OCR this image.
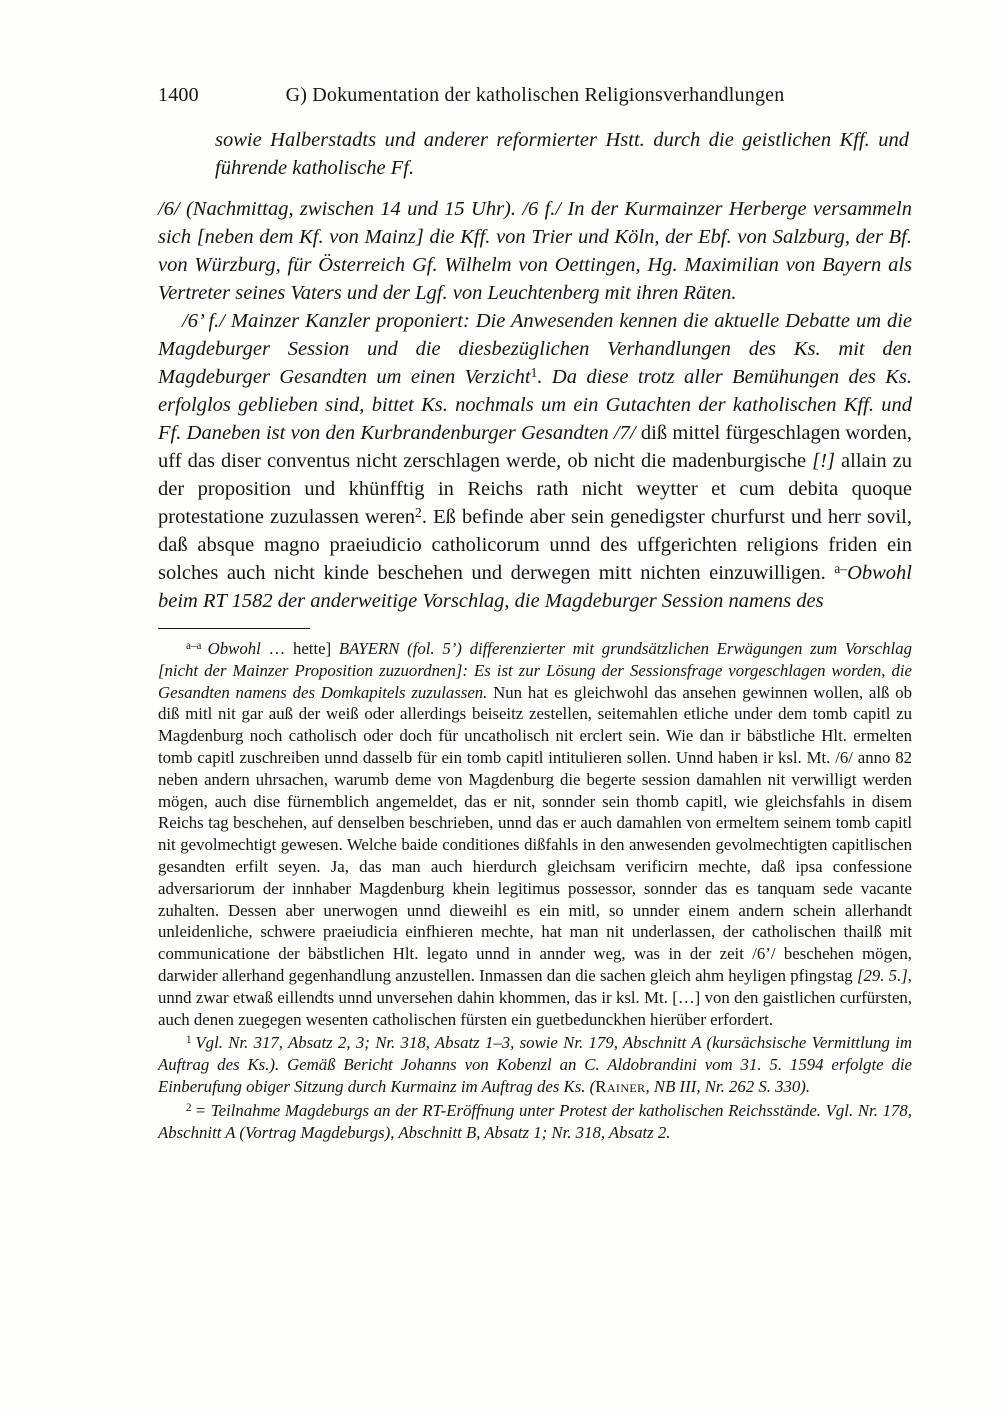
1400	G) Dokumentation der katholischen Religionsverhandlungen

sowie Halberstadts und anderer reformierter Hstt. durch die geistlichen Kff. und führende katholische Ff.

/6/ (Nachmittag, zwischen 14 und 15 Uhr). /6 f./ In der Kurmainzer Herberge versammeln sich [neben dem Kf. von Mainz] die Kff. von Trier und Köln, der Ebf. von Salzburg, der Bf. von Würzburg, für Österreich Gf. Wilhelm von Oettingen, Hg. Maximilian von Bayern als Vertreter seines Vaters und der Lgf. von Leuchtenberg mit ihren Räten.

/6’ f./ Mainzer Kanzler proponiert: Die Anwesenden kennen die aktuelle Debatte um die Magdeburger Session und die diesbezüglichen Verhandlungen des Ks. mit den Magdeburger Gesandten um einen Verzicht$^1$. Da diese trotz aller Bemühungen des Ks. erfolglos geblieben sind, bittet Ks. nochmals um ein Gutachten der katholischen Kff. und Ff. Daneben ist von den Kurbrandenburger Gesandten /7/ diß mittel fürgeschlagen worden, uff das diser conventus nicht zerschlagen werde, ob nicht die madenburgische [!] allain zu der proposition und khünfftig in Reichs rath nicht weytter et cum debita quoque protestatione zuzulassen weren$^2$. Eß befinde aber sein genedigster churfurst und herr sovil, daß absque magno praeiudicio catholicorum unnd des uffgerichten religions friden ein solches auch nicht kinde beschehen und derwegen mitt nichten einzuwilligen. $^{a-}$Obwohl beim RT 1582 der anderweitige Vorschlag, die Magdeburger Session namens des

$^{a-a}$ Obwohl … hette] BAYERN (fol. 5’) differenzierter mit grundsätzlichen Erwägungen zum Vorschlag [nicht der Mainzer Proposition zuzuordnen]: Es ist zur Lösung der Sessionsfrage vorgeschlagen worden, die Gesandten namens des Domkapitels zuzulassen. Nun hat es gleichwohl das ansehen gewinnen wollen, alß ob diß mitl nit gar auß der weiß oder allerdings beiseitz zestellen, seitemahlen etliche under dem tomb capitl zu Magdenburg noch catholisch oder doch für uncatholisch nit erclert sein. Wie dan ir bäbstliche Hlt. ermelten tomb capitl zuschreiben unnd dasselb für ein tomb capitl intitulieren sollen. Unnd haben ir ksl. Mt. /6/ anno 82 neben andern uhrsachen, warumb deme von Magdenburg die begerte session damahlen nit verwilligt werden mögen, auch dise fürnemblich angemeldet, das er nit, sonnder sein thomb capitl, wie gleichsfahls in disem Reichs tag beschehen, auf denselben beschrieben, unnd das er auch damahlen von ermeltem seinem tomb capitl nit gevolmechtigt gewesen. Welche baide conditiones dißfahls in den anwesenden gevolmechtigten capitlischen gesandten erfilt seyen. Ja, das man auch hierdurch gleichsam verificirn mechte, daß ipsa confessione adversariorum der innhaber Magdenburg khein legitimus possessor, sonnder das es tanquam sede vacante zuhalten. Dessen aber unerwogen unnd dieweihl es ein mitl, so unnder einem andern schein allerhandt unleidenliche, schwere praeiudicia einfhieren mechte, hat man nit underlassen, der catholischen thailß mit communicatione der bäbstlichen Hlt. legato unnd in annder weg, was in der zeit /6’/ beschehen mögen, darwider allerhand gegenhandlung anzustellen. Inmassen dan die sachen gleich ahm heyligen pfingstag [29. 5.], unnd zwar etwaß eillendts unnd unversehen dahin khommen, das ir ksl. Mt. […] von den gaistlichen curfürsten, auch denen zuegegen wesenten catholischen fürsten ein guetbedunckhen hierüber erfordert.

$^1$ Vgl. Nr. 317, Absatz 2, 3; Nr. 318, Absatz 1–3, sowie Nr. 179, Abschnitt A (kursächsische Vermittlung im Auftrag des Ks.). Gemäß Bericht Johanns von Kobenzl an C. Aldobrandini vom 31. 5. 1594 erfolgte die Einberufung obiger Sitzung durch Kurmainz im Auftrag des Ks. (Rainer, NB III, Nr. 262 S. 330).

$^2$ = Teilnahme Magdeburgs an der RT-Eröffnung unter Protest der katholischen Reichsstände. Vgl. Nr. 178, Abschnitt A (Vortrag Magdeburgs), Abschnitt B, Absatz 1; Nr. 318, Absatz 2.
